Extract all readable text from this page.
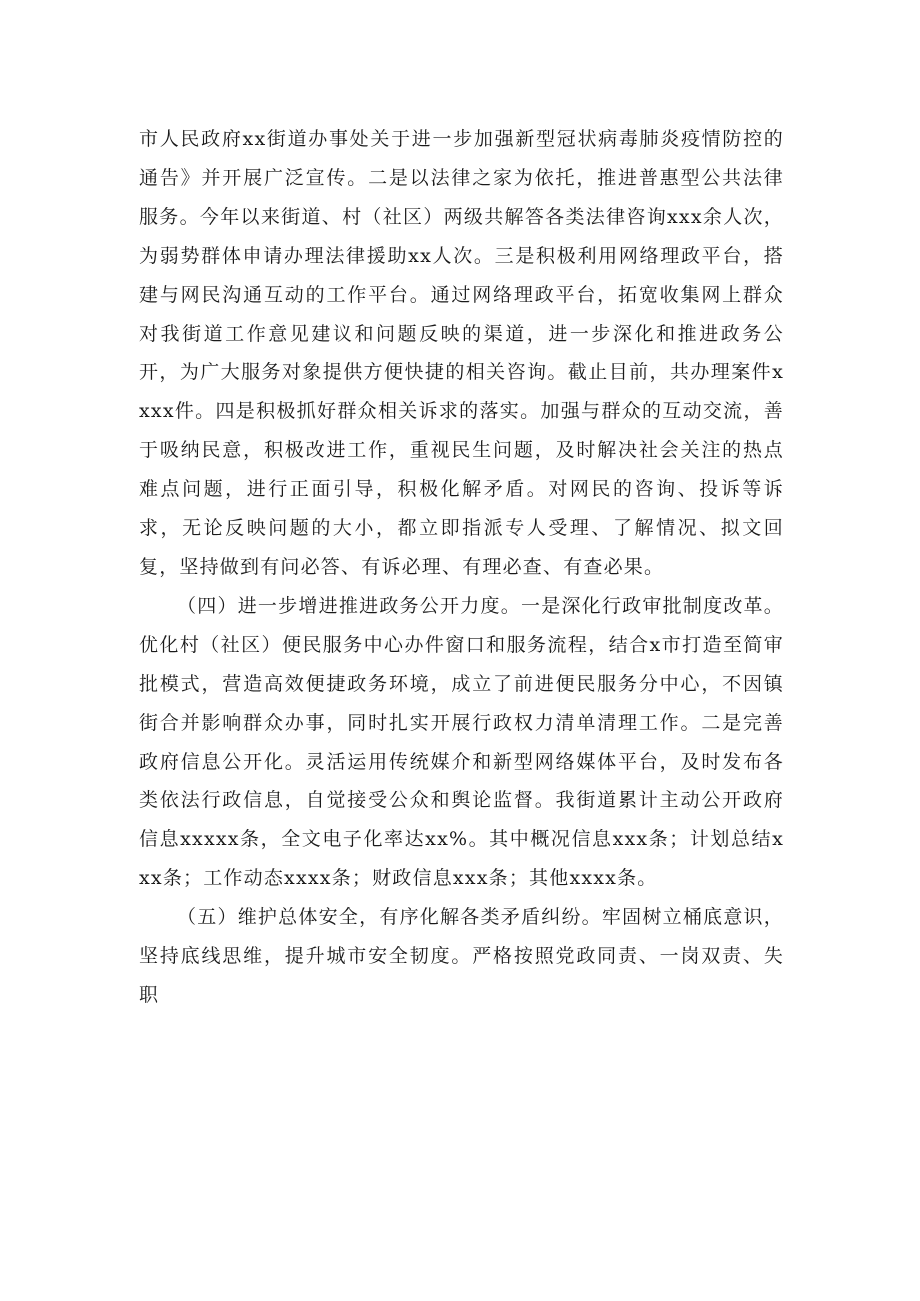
市人民政府xx街道办事处关于进一步加强新型冠状病毒肺炎疫情防控的通告》并开展广泛宣传。二是以法律之家为依托，推进普惠型公共法律服务。今年以来街道、村（社区）两级共解答各类法律咨询xxx余人次，为弱势群体申请办理法律援助xx人次。三是积极利用网络理政平台，搭建与网民沟通互动的工作平台。通过网络理政平台，拓宽收集网上群众对我街道工作意见建议和问题反映的渠道，进一步深化和推进政务公开，为广大服务对象提供方便快捷的相关咨询。截止目前，共办理案件xxxx件。四是积极抓好群众相关诉求的落实。加强与群众的互动交流，善于吸纳民意，积极改进工作，重视民生问题，及时解决社会关注的热点难点问题，进行正面引导，积极化解矛盾。对网民的咨询、投诉等诉求，无论反映问题的大小，都立即指派专人受理、了解情况、拟文回复，坚持做到有问必答、有诉必理、有理必查、有查必果。

（四）进一步增进推进政务公开力度。一是深化行政审批制度改革。优化村（社区）便民服务中心办件窗口和服务流程，结合x市打造至简审批模式，营造高效便捷政务环境，成立了前进便民服务分中心，不因镇街合并影响群众办事，同时扎实开展行政权力清单清理工作。二是完善政府信息公开化。灵活运用传统媒介和新型网络媒体平台，及时发布各类依法行政信息，自觉接受公众和舆论监督。我街道累计主动公开政府信息xxxxx条，全文电子化率达xx%。其中概况信息xxx条；计划总结xxx条；工作动态xxxx条；财政信息xxx条；其他xxxx条。

（五）维护总体安全，有序化解各类矛盾纠纷。牢固树立桶底意识，坚持底线思维，提升城市安全韧度。严格按照党政同责、一岗双责、失职
